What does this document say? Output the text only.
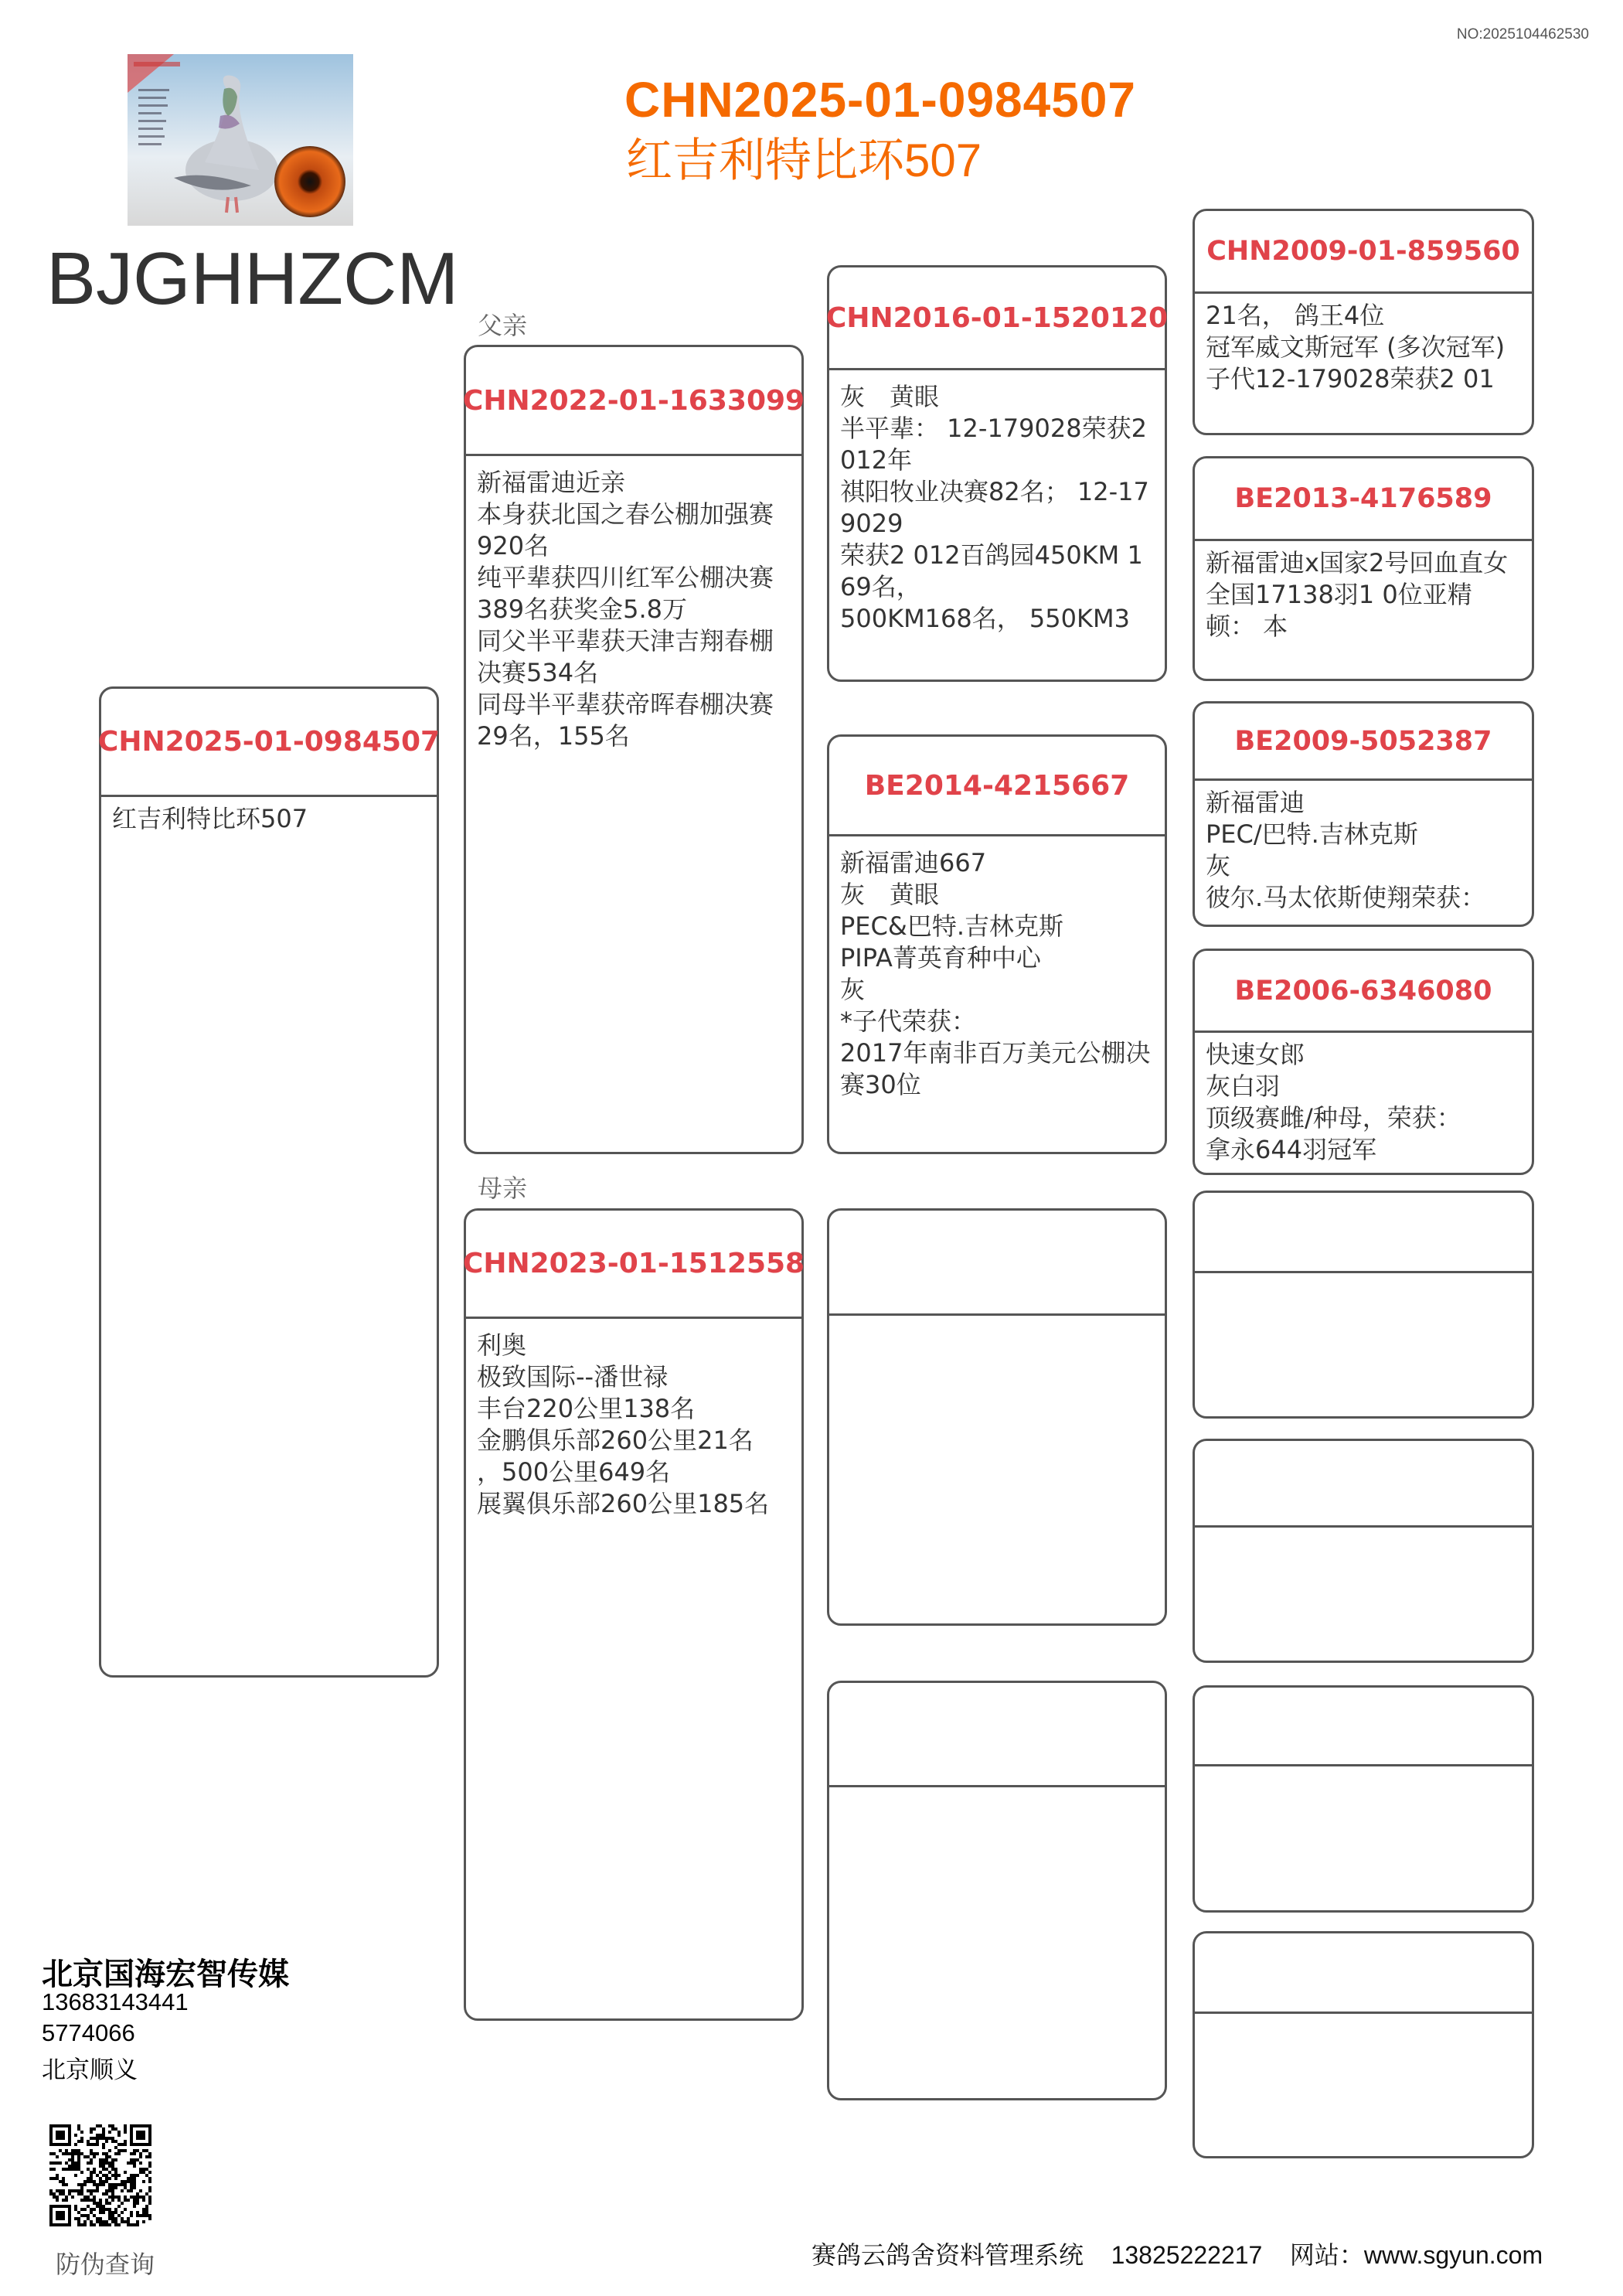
NO:2025104462530
CHN2025-01-0984507
红吉利特比环507
BJGHHZCM
父亲
母亲
CHN2025-01-0984507
红吉利特比环507
CHN2022-01-1633099
新福雷迪近亲
本身获北国之春公棚加强赛920名
纯平辈获四川红军公棚决赛389名获奖金5.8万
同父半平辈获天津吉翔春棚决赛534名
同母半平辈获帝晖春棚决赛29名，155名
CHN2023-01-1512558
利奥
极致国际--潘世禄
丰台220公里138名
金鹏俱乐部260公里21名
，500公里649名
展翼俱乐部260公里185名
CHN2016-01-1520120
灰　黄眼
半平辈： 12-179028荣获2012年
祺阳牧业决赛82名； 12-179029
荣获2 012百鸽园450KM 169名，
500KM168名， 550KM3
BE2014-4215667
新福雷迪667
灰　黄眼
PEC&巴特.吉林克斯
PIPA菁英育种中心
灰
*子代荣获：
2017年南非百万美元公棚决赛30位
CHN2009-01-859560
21名， 鸽王4位
冠军威文斯冠军 (多次冠军)
子代12-179028荣获2 01
BE2013-4176589
新福雷迪x国家2号回血直女
全国17138羽1 0位亚精顿： 本
BE2009-5052387
新福雷迪
PEC/巴特.吉林克斯
灰
彼尔.马太依斯使翔荣获：
BE2006-6346080
快速女郎
灰白羽
顶级赛雌/种母，荣获：
拿永644羽冠军
北京国海宏智传媒
13683143441
5774066
北京顺义
防伪查询	赛鸽云鸽舍资料管理系统 13825222217 网站：www.sgyun.com
